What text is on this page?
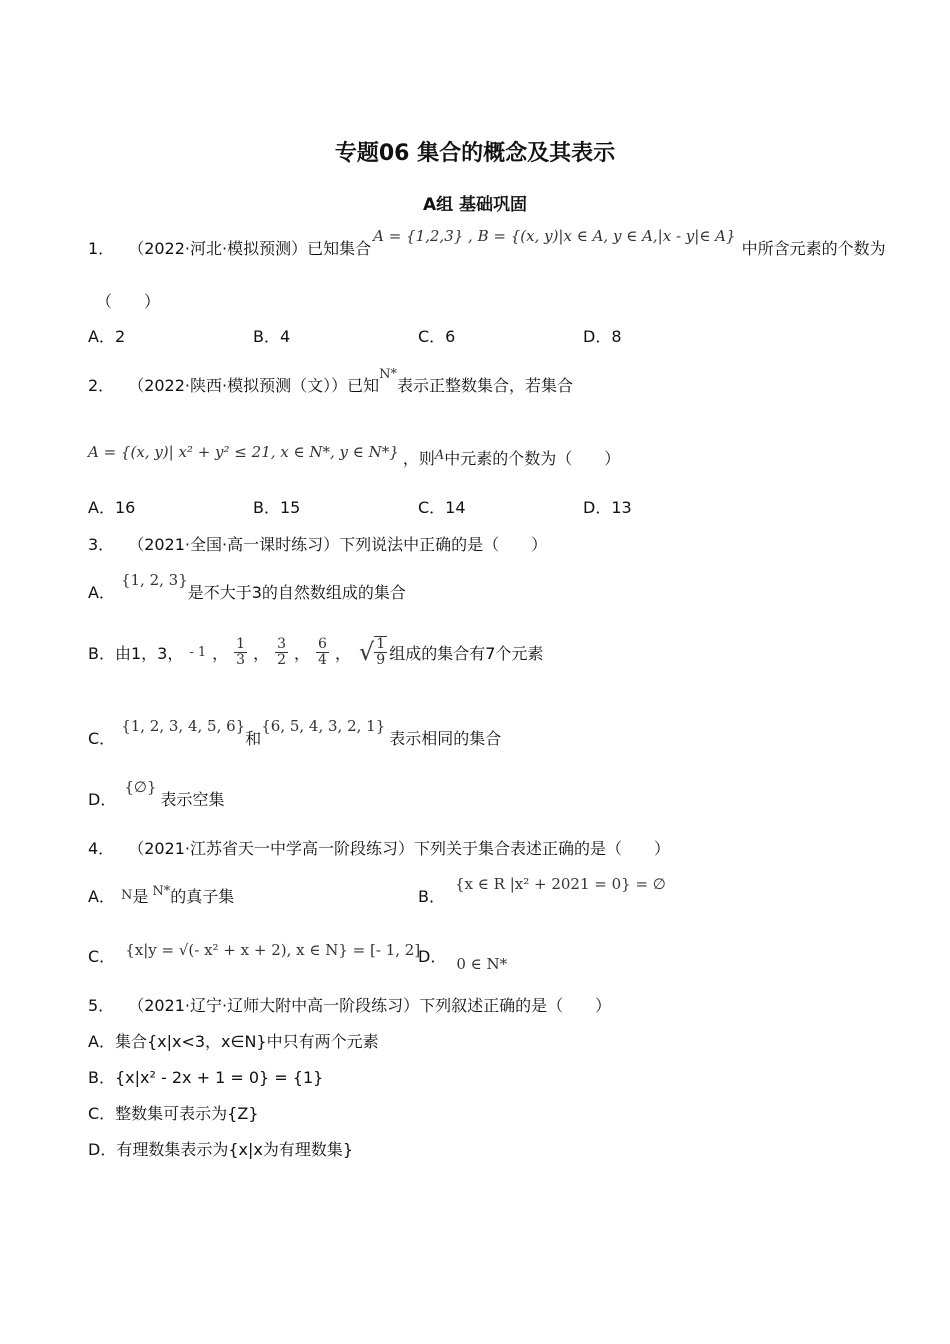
专题06 集合的概念及其表示
A组 基础巩固
1． （2022·河北·模拟预测）已知集合
A = {1,2,3} , B = {(x, y)|x ∈ A, y ∈ A,|x - y|∈ A}
中所含元素的个数为
（　　）
A．2	B．4	C．6	D．8
2． （2022·陕西·模拟预测（文））已知
N*
表示正整数集合，若集合
A = {(x, y)| x² + y² ≤ 21, x ∈ N*, y ∈ N*} ，则 A 中元素的个数为（　　）
A．16	B．15	C．14	D．13
3． （2021·全国·高一课时练习）下列说法中正确的是（　　）
A．
{1, 2, 3}
是不大于3的自然数组成的集合
B．由1，3， - 1 ， $\frac{1}{3}$ ， $\frac{3}{2}$ ， $\frac{6}{4}$ ， √ $\frac{1}{9}$ 组成的集合有7个元素
C．
{1, 2, 3, 4, 5, 6}
和
{6, 5, 4, 3, 2, 1}
表示相同的集合
D．
{∅}
表示空集
4． （2021·江苏省天一中学高一阶段练习）下列关于集合表述正确的是（　　）
A． N 是 N* 的真子集	B．
{x ∈ R |x² + 2021 = 0} = ∅
C． {x|y = √(- x² + x + 2), x ∈ N} = [- 1, 2]
D． 0 ∈ N*
5． （2021·辽宁·辽师大附中高一阶段练习）下列叙述正确的是（　　）
A．集合{x|x<3，x∈N}中只有两个元素
B．{x|x² - 2x + 1 = 0} = {1}
C．整数集可表示为{Z}
D．有理数集表示为{x|x为有理数集}
